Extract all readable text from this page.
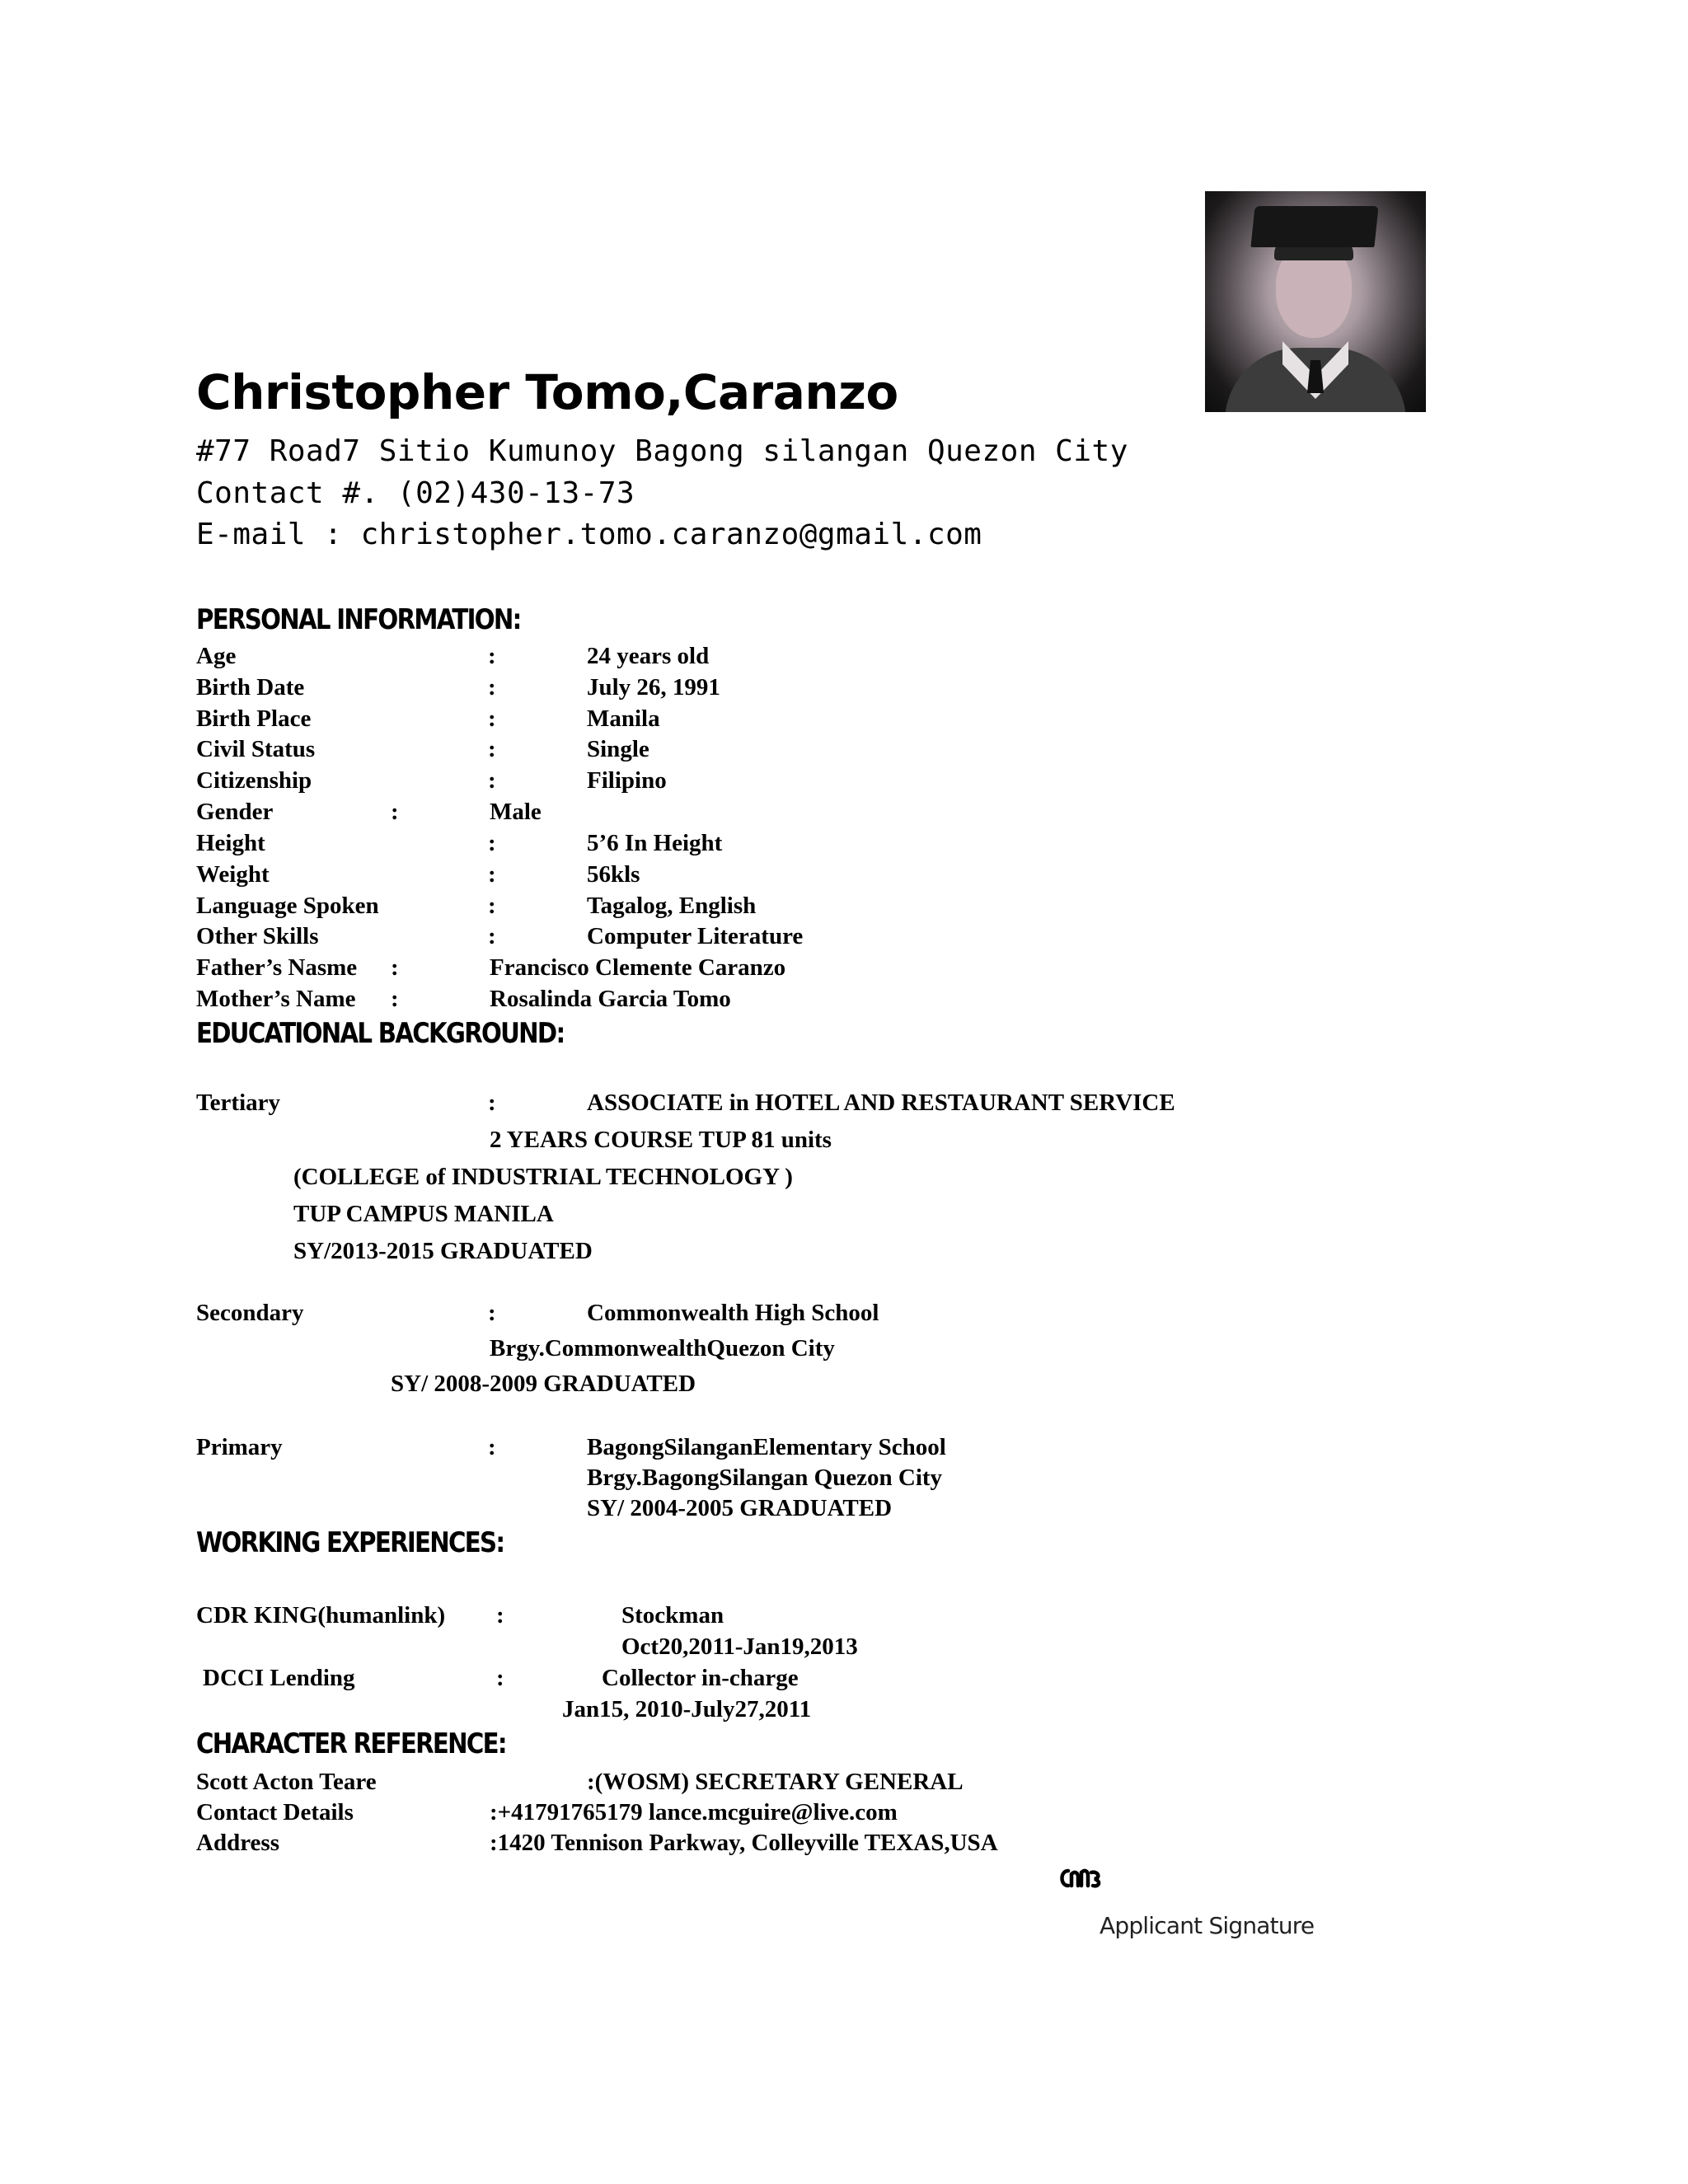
Christopher Tomo,Caranzo
#77 Road7 Sitio Kumunoy Bagong silangan Quezon City
Contact #. (02)430-13-73
E-mail : christopher.tomo.caranzo@gmail.com
PERSONAL INFORMATION:
Age	:	24 years old
Birth Date	:	July 26, 1991
Birth Place	:	Manila
Civil Status	:	Single
Citizenship	:	Filipino
Gender	:	Male
Height	:	5’6 In Height
Weight	:	56kls
Language Spoken	:	Tagalog, English
Other Skills	:	Computer Literature
Father’s Nasme :	Francisco Clemente Caranzo
Mother’s Name :	Rosalinda Garcia Tomo
EDUCATIONAL BACKGROUND:
Tertiary	:	ASSOCIATE in HOTEL AND RESTAURANT SERVICE
2 YEARS COURSE TUP 81 units
(COLLEGE of INDUSTRIAL TECHNOLOGY )
TUP CAMPUS MANILA
SY/2013-2015 GRADUATED
Secondary	:	Commonwealth High School
Brgy.CommonwealthQuezon City
SY/ 2008-2009 GRADUATED
Primary	:	BagongSilanganElementary School
Brgy.BagongSilangan Quezon City
SY/ 2004-2005 GRADUATED
WORKING EXPERIENCES:
CDR KING(humanlink) :	Stockman
Oct20,2011-Jan19,2013
DCCI Lending	:	Collector in-charge
Jan15, 2010-July27,2011
CHARACTER REFERENCE:
Scott Acton Teare	:(WOSM) SECRETARY GENERAL
Contact Details	:+41791765179 lance.mcguire@live.com
Address	:1420 Tennison Parkway, Colleyville TEXAS,USA
Applicant Signature
